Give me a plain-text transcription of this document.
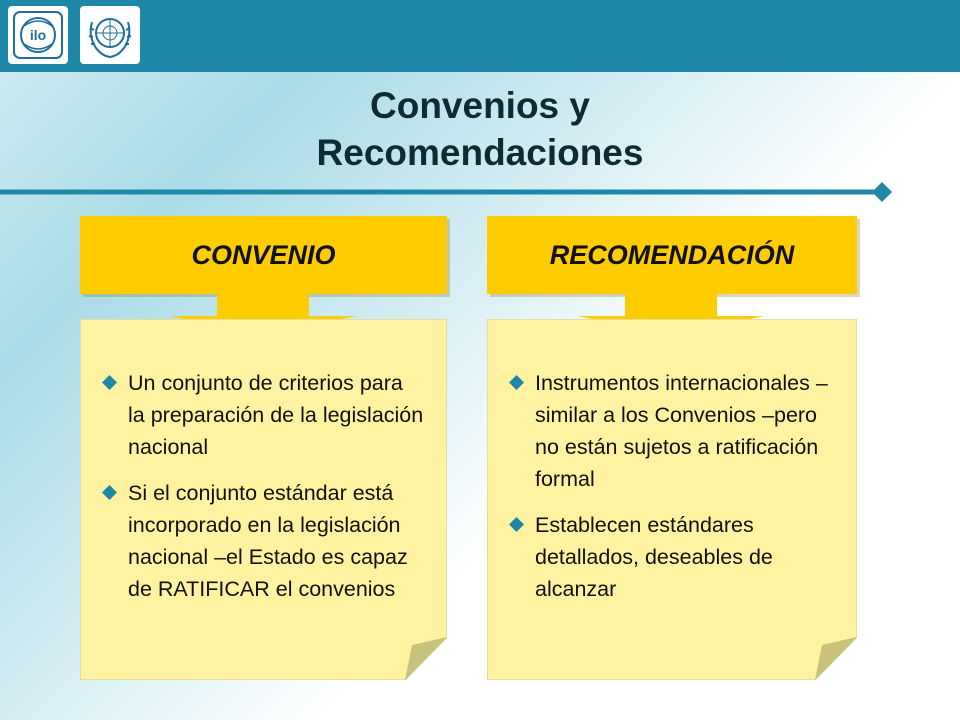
ilo
Convenios y
Recomendaciones
CONVENIO
Un conjunto de criterios para la preparación de la legislación nacional
Si el conjunto estándar está incorporado en la legislación nacional –el Estado es capaz de RATIFICAR el convenios
RECOMENDACIÓN
Instrumentos internacionales –similar a los Convenios –pero no están sujetos a ratificación formal
Establecen estándares detallados, deseables de alcanzar
